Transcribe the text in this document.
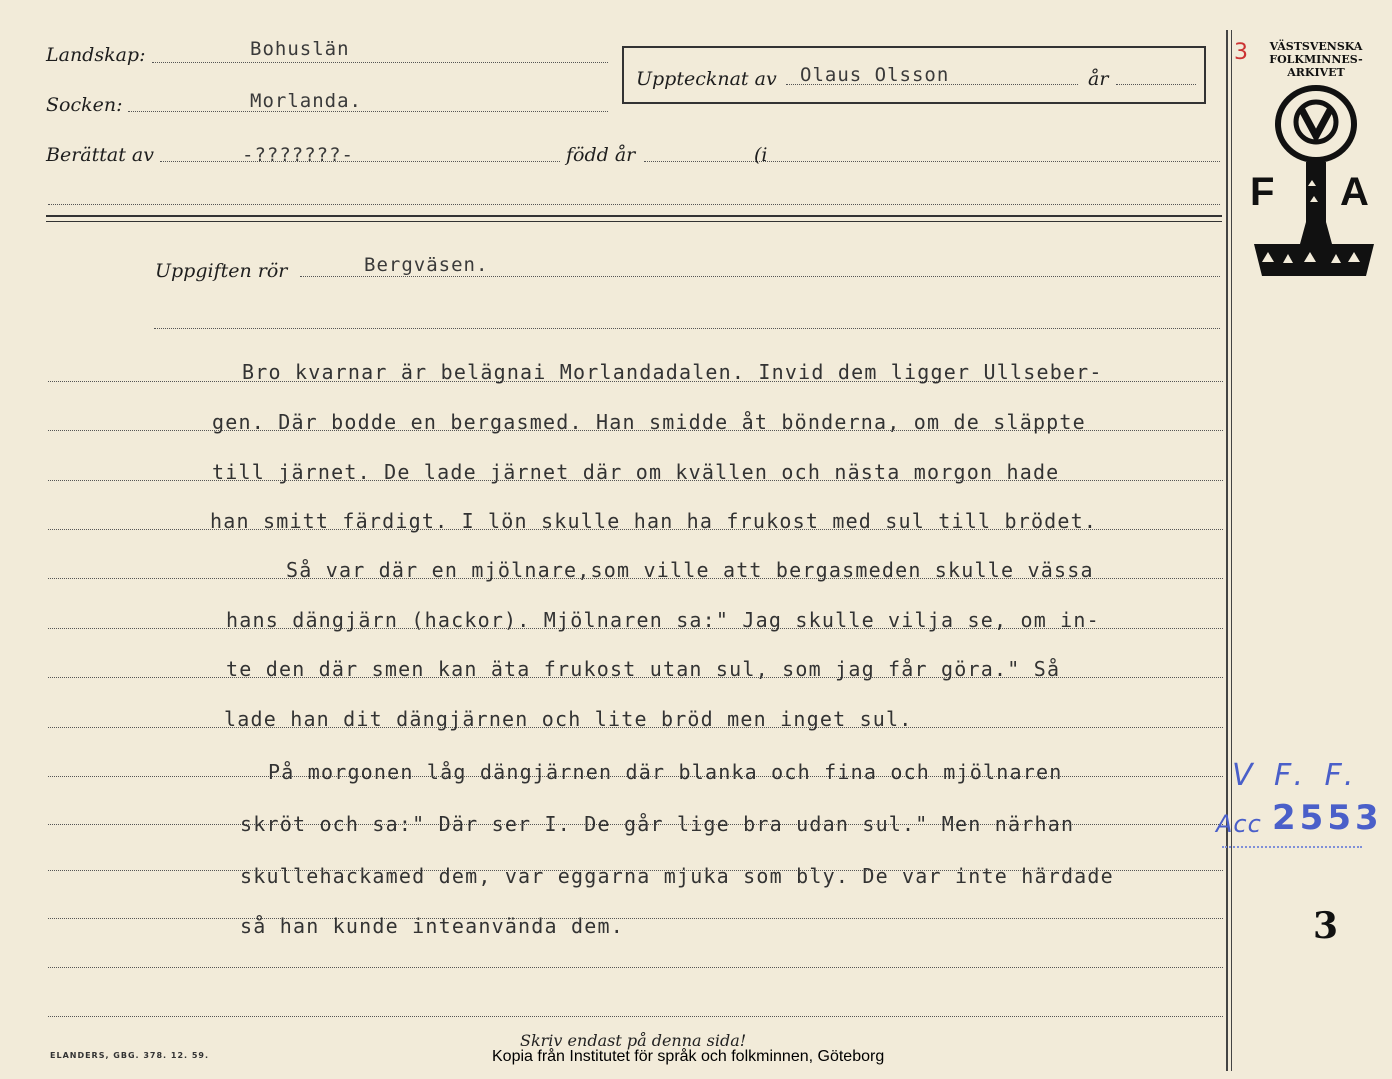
Landskap:	Bohuslän
Socken:	Morlanda.
Upptecknat av Olaus Olsson	år
Berättat av	-???????-	född år	(i
Uppgiften rör	Bergväsen.
Bro kvarnar är belägnai Morlandadalen. Invid dem ligger Ullseber-
gen. Där bodde en bergasmed. Han smidde åt bönderna, om de släppte
till järnet. De lade järnet där om kvällen och nästa morgon hade
han smitt färdigt. I lön skulle han ha frukost med sul till brödet.
Så var där en mjölnare,som ville att bergasmeden skulle vässa
hans dängjärn (hackor). Mjölnaren sa:" Jag skulle vilja se, om in-
te den där smen kan äta frukost utan sul, som jag får göra." Så
lade han dit dängjärnen och lite bröd men inget sul.
På morgonen låg dängjärnen där blanka och fina och mjölnaren
skröt och sa:" Där ser I. De går lige bra udan sul." Men närhan
skullehackamed dem, var eggarna mjuka som bly. De var inte härdade
så han kunde inteanvända dem.
3	VÄSTSVENSKA
FOLKMINNES-
ARKIVET
F A
V F. F.
Acc 2553
3
Skriv endast på denna sida!
ELANDERS, GBG. 378. 12. 59.	Kopia från Institutet för språk och folkminnen, Göteborg
